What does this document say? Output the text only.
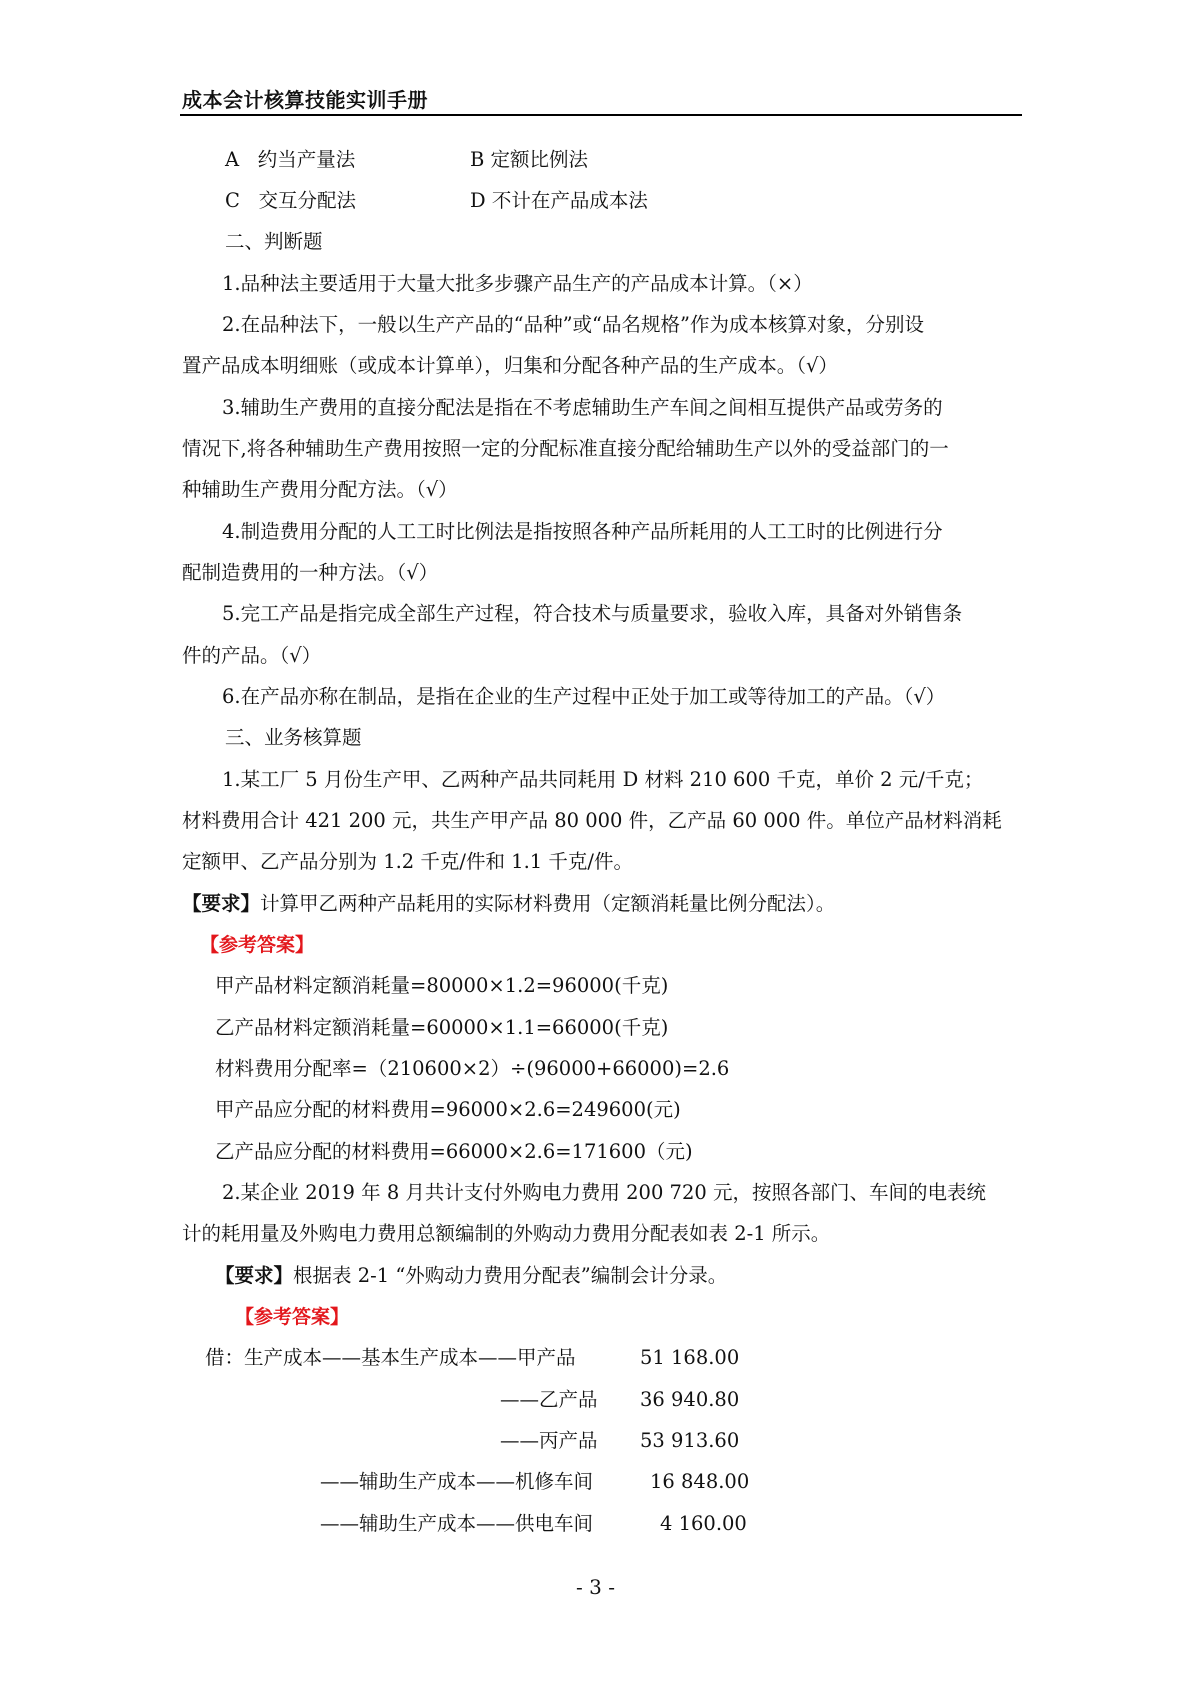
成本会计核算技能实训手册
A 约当产量法	B 定额比例法
C 交互分配法	D 不计在产品成本法
二、判断题
1.品种法主要适用于大量大批多步骤产品生产的产品成本计算。（×）
2.在品种法下，一般以生产产品的“品种”或“品名规格”作为成本核算对象，分别设
置产品成本明细账（或成本计算单），归集和分配各种产品的生产成本。（√）
3.辅助生产费用的直接分配法是指在不考虑辅助生产车间之间相互提供产品或劳务的
情况下,将各种辅助生产费用按照一定的分配标准直接分配给辅助生产以外的受益部门的一
种辅助生产费用分配方法。（√）
4.制造费用分配的人工工时比例法是指按照各种产品所耗用的人工工时的比例进行分
配制造费用的一种方法。（√）
5.完工产品是指完成全部生产过程，符合技术与质量要求，验收入库，具备对外销售条
件的产品。（√）
6.在产品亦称在制品，是指在企业的生产过程中正处于加工或等待加工的产品。（√）
三、业务核算题
1.某工厂 5 月份生产甲、乙两种产品共同耗用 D 材料 210 600 千克，单价 2 元/千克；
材料费用合计 421 200 元，共生产甲产品 80 000 件，乙产品 60 000 件。单位产品材料消耗
定额甲、乙产品分别为 1.2 千克/件和 1.1 千克/件。
【要求】计算甲乙两种产品耗用的实际材料费用（定额消耗量比例分配法）。
【参考答案】
甲产品材料定额消耗量=80000×1.2=96000(千克)
乙产品材料定额消耗量=60000×1.1=66000(千克)
材料费用分配率=（210600×2）÷(96000+66000)=2.6
甲产品应分配的材料费用=96000×2.6=249600(元)
乙产品应分配的材料费用=66000×2.6=171600（元)
2.某企业 2019 年 8 月共计支付外购电力费用 200 720 元，按照各部门、车间的电表统
计的耗用量及外购电力费用总额编制的外购动力费用分配表如表 2-1 所示。
【要求】根据表 2-1 “外购动力费用分配表”编制会计分录。
【参考答案】
借：生产成本——基本生产成本——甲产品	51 168.00
——乙产品 36 940.80
——丙产品 53 913.60
——辅助生产成本——机修车间	16 848.00
——辅助生产成本——供电车间	4 160.00
- 3 -
